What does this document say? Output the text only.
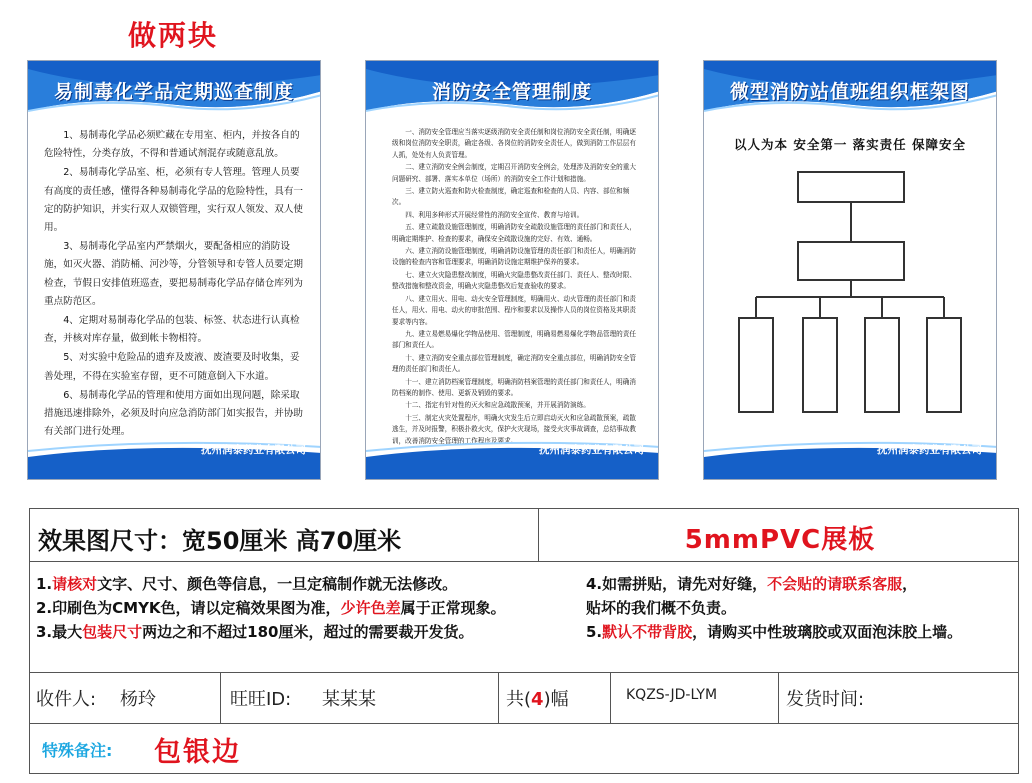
做两块
易制毒化学品定期巡查制度

1、易制毒化学品必须贮藏在专用室、柜内，并按各自的危险特性，分类存放，不得和普通试剂混存或随意乱放。

2、易制毒化学品室、柜，必须有专人管理。管理人员要有高度的责任感，懂得各种易制毒化学品的危险特性，具有一定的防护知识，并实行双人双锁管理，实行双人领发、双人使用。

3、易制毒化学品室内严禁烟火，要配备相应的消防设施，如灭火器、消防桶、河沙等，分管领导和专管人员要定期检查，节假日安排值班巡查，要把易制毒化学品存储仓库列为重点防范区。

4、定期对易制毒化学品的包装、标签、状态进行认真检查，并核对库存量，做到帐卡物相符。

5、对实验中危险品的遗弃及废液、废渣要及时收集，妥善处理，不得在实验室存留，更不可随意倒入下水道。

6、易制毒化学品的管理和使用方面如出现问题，除采取措施迅速排除外，必须及时向应急消防部门如实报告，并协助有关部门进行处理。

抚州润泰药业有限公司
消防安全管理制度

一、消防安全管理应当落实逐级消防安全责任制和岗位消防安全责任制，明确逐级和岗位消防安全职责，确定各级、各岗位的消防安全责任人，做到消防工作层层有人抓，处处有人负责管理。

二、建立消防安全例会制度，定期召开消防安全例会，处理涉及消防安全的重大问题研究、部署、落实本单位（场所）的消防安全工作计划和措施。

三、建立防火巡查和防火检查制度，确定巡查和检查的人员、内容、部位和频次。

四、利用多种形式开展经常性的消防安全宣传、教育与培训。

五、建立疏散设施管理制度，明确消防安全疏散设施管理的责任部门和责任人，明确定期维护、检查的要求，确保安全疏散设施的完好、有效、通畅。

六、建立消防设施管理制度，明确消防设施管理的责任部门和责任人，明确消防设施的检查内容和管理要求，明确消防设施定期维护保养的要求。

七、建立火灾隐患整改制度，明确火灾隐患整改责任部门、责任人、整改时限、整改措施和整改资金，明确火灾隐患整改后复查验收的要求。

八、建立用火、用电、动火安全管理制度，明确用火、动火管理的责任部门和责任人，用火、用电、动火的审批范围、程序和要求以及操作人员的岗位资格及其职责要求等内容。

九、建立易燃易爆化学物品使用、管理制度，明确易燃易爆化学物品管理的责任部门和责任人。

十、建立消防安全重点部位管理制度，确定消防安全重点部位，明确消防安全管理的责任部门和责任人。

十一、建立消防档案管理制度，明确消防档案管理的责任部门和责任人，明确消防档案的制作、使用、更新及销毁的要求。

十二、指定有针对性的灭火和应急疏散预案，并开展消防演练。

十三、制定火灾处置程序，明确火灾发生后立即启动灭火和应急疏散预案，疏散逃生，并及时报警，积极扑救火灾，保护火灾现场，接受火灾事故调查，总结事故教训，改善消防安全管理的工作程序及要求。

抚州润泰药业有限公司
微型消防站值班组织框架图
以人为本 安全第一 落实责任 保障安全
抚州润泰药业有限公司
效果图尺寸：宽50厘米 高70厘米	5mmPVC展板
1.请核对文字、尺寸、颜色等信息，一旦定稿制作就无法修改。
2.印刷色为CMYK色，请以定稿效果图为准，少许色差属于正常现象。
3.最大包装尺寸两边之和不超过180厘米，超过的需要裁开发货。
4.如需拼贴，请先对好缝，不会贴的请联系客服，
贴坏的我们概不负责。
5.默认不带背胶，请购买中性玻璃胶或双面泡沫胶上墙。
收件人: 杨玲	旺旺ID: 某某某	共(4)幅	KQZS-JD-LYM	发货时间:
特殊备注: 包银边
